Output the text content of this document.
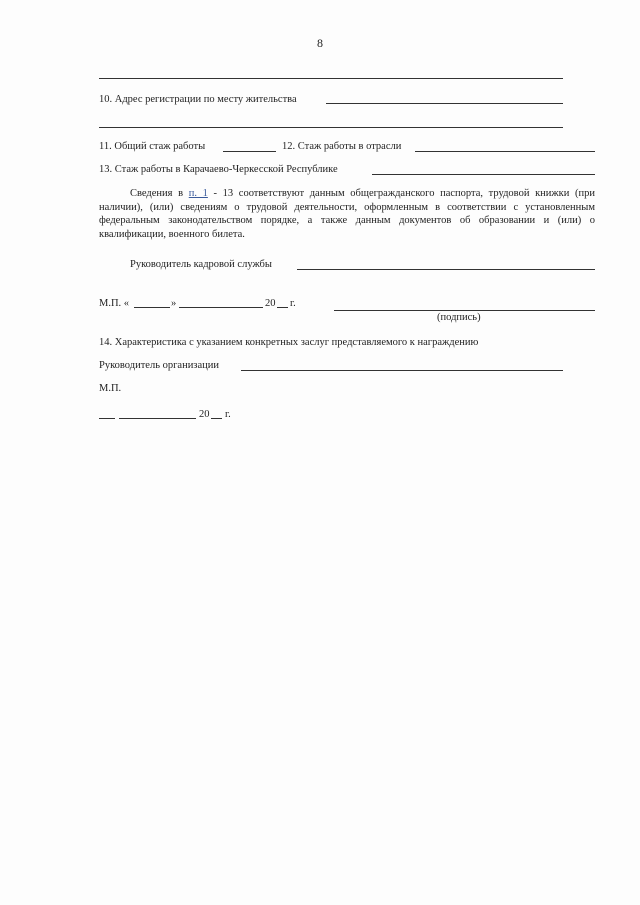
8
10. Адрес регистрации по месту жительства
11. Общий стаж работы	12. Стаж работы в отрасли
13. Стаж работы в Карачаево-Черкесской Республике
Сведения в п. 1 - 13 соответствуют данным общегражданского паспорта, трудовой книжки (при наличии), (или) сведениям о трудовой деятельности, оформленным в соответствии с установленным федеральным законодательством порядке, а также данным документов об образовании и (или) о квалификации, военного билета.
Руководитель кадровой службы
М.П. «	»	20 г.
(подпись)
14. Характеристика с указанием конкретных заслуг представляемого к награждению
Руководитель организации
М.П.
20 г.
